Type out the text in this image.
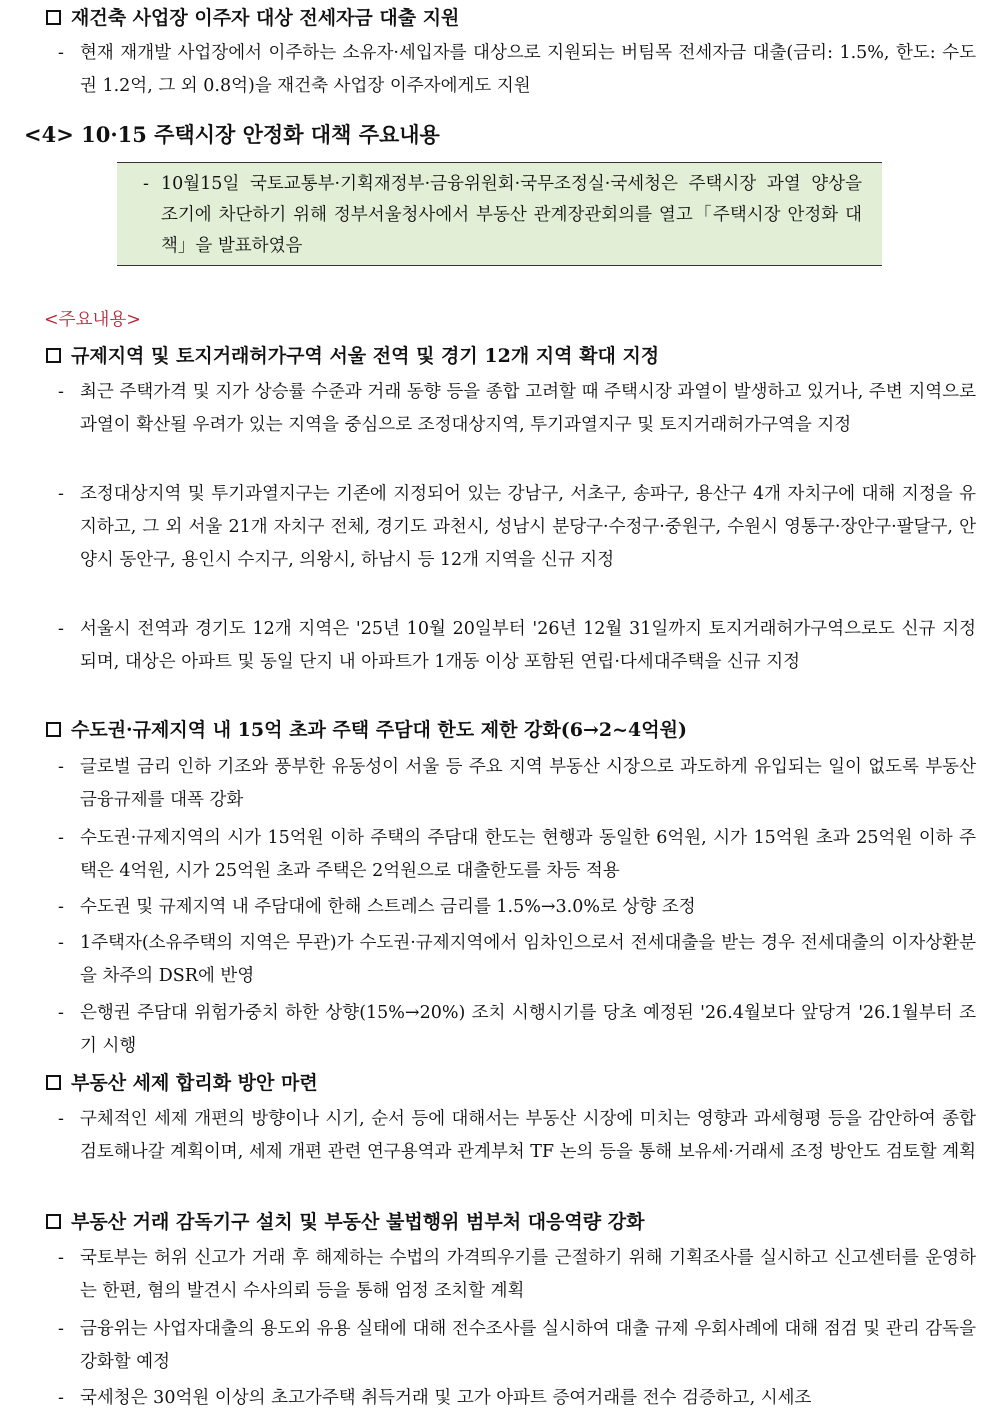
재건축 사업장 이주자 대상 전세자금 대출 지원
- 현재 재개발 사업장에서 이주하는 소유자·세입자를 대상으로 지원되는 버팀목 전세자금 대출(금리: 1.5%, 한도: 수도권 1.2억, 그 외 0.8억)을 재건축 사업장 이주자에게도 지원
<4> 10·15 주택시장 안정화 대책 주요내용
- 10월15일 국토교통부·기획재정부·금융위원회·국무조정실·국세청은 주택시장 과열 양상을 조기에 차단하기 위해 정부서울청사에서 부동산 관계장관회의를 열고「주택시장 안정화 대책」을 발표하였음
<주요내용>
규제지역 및 토지거래허가구역 서울 전역 및 경기 12개 지역 확대 지정
- 최근 주택가격 및 지가 상승률 수준과 거래 동향 등을 종합 고려할 때 주택시장 과열이 발생하고 있거나, 주변 지역으로 과열이 확산될 우려가 있는 지역을 중심으로 조정대상지역, 투기과열지구 및 토지거래허가구역을 지정
- 조정대상지역 및 투기과열지구는 기존에 지정되어 있는 강남구, 서초구, 송파구, 용산구 4개 자치구에 대해 지정을 유지하고, 그 외 서울 21개 자치구 전체, 경기도 과천시, 성남시 분당구·수정구·중원구, 수원시 영통구·장안구·팔달구, 안양시 동안구, 용인시 수지구, 의왕시, 하남시 등 12개 지역을 신규 지정
- 서울시 전역과 경기도 12개 지역은 '25년 10월 20일부터 '26년 12월 31일까지 토지거래허가구역으로도 신규 지정되며, 대상은 아파트 및 동일 단지 내 아파트가 1개동 이상 포함된 연립·다세대주택을 신규 지정
수도권·규제지역 내 15억 초과 주택 주담대 한도 제한 강화(6→2~4억원)
- 글로벌 금리 인하 기조와 풍부한 유동성이 서울 등 주요 지역 부동산 시장으로 과도하게 유입되는 일이 없도록 부동산 금융규제를 대폭 강화
- 수도권·규제지역의 시가 15억원 이하 주택의 주담대 한도는 현행과 동일한 6억원, 시가 15억원 초과 25억원 이하 주택은 4억원, 시가 25억원 초과 주택은 2억원으로 대출한도를 차등 적용
- 수도권 및 규제지역 내 주담대에 한해 스트레스 금리를 1.5%→3.0%로 상향 조정
- 1주택자(소유주택의 지역은 무관)가 수도권·규제지역에서 임차인으로서 전세대출을 받는 경우 전세대출의 이자상환분을 차주의 DSR에 반영
- 은행권 주담대 위험가중치 하한 상향(15%→20%) 조치 시행시기를 당초 예정된 '26.4월보다 앞당겨 '26.1월부터 조기 시행
부동산 세제 합리화 방안 마련
- 구체적인 세제 개편의 방향이나 시기, 순서 등에 대해서는 부동산 시장에 미치는 영향과 과세형평 등을 감안하여 종합 검토해나갈 계획이며, 세제 개편 관련 연구용역과 관계부처 TF 논의 등을 통해 보유세·거래세 조정 방안도 검토할 계획
부동산 거래 감독기구 설치 및 부동산 불법행위 범부처 대응역량 강화
- 국토부는 허위 신고가 거래 후 해제하는 수법의 가격띄우기를 근절하기 위해 기획조사를 실시하고 신고센터를 운영하는 한편, 혐의 발견시 수사의뢰 등을 통해 엄정 조치할 계획
- 금융위는 사업자대출의 용도외 유용 실태에 대해 전수조사를 실시하여 대출 규제 우회사례에 대해 점검 및 관리 감독을 강화할 예정
- 국세청은 30억원 이상의 초고가주택 취득거래 및 고가 아파트 증여거래를 전수 검증하고, 시세조
